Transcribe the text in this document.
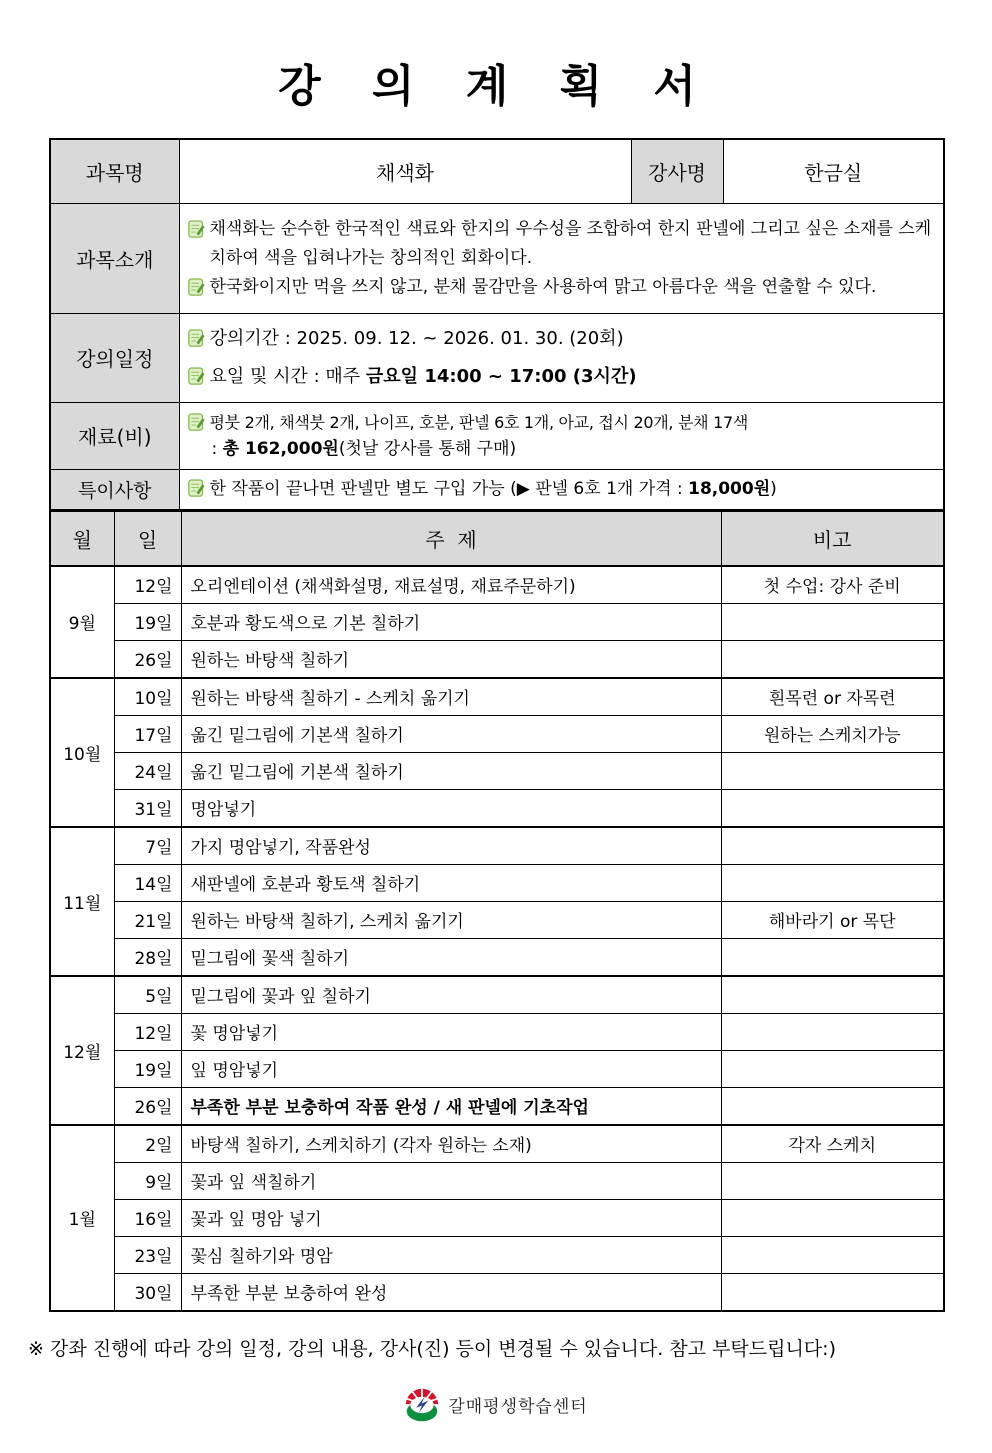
강 의 계 획 서
과목명	채색화	강사명	한금실
과목소개	채색화는 순수한 한국적인 색료와 한지의 우수성을 조합하여 한지 판넬에 그리고 싶은 소재를 스케치하여 색을 입혀나가는 창의적인 회화이다.
한국화이지만 먹을 쓰지 않고, 분채 물감만을 사용하여 맑고 아름다운 색을 연출할 수 있다.		

강의일정	강의기간 : 2025. 09. 12. ~ 2026. 01. 30. (20회)
요일 및 시간 : 매주 금요일 14:00 ~ 17:00 (3시간)		

재료(비)	평붓 2개, 채색붓 2개, 나이프, 호분, 판넬 6호 1개, 아교, 접시 20개, 분채 17색
: 총 162,000원(첫날 강사를 통해 구매)		

특이사항	한 작품이 끝나면 판넬만 별도 구입 가능 (▶ 판넬 6호 1개 가격 : 18,000원)		
월	일	주  제	비고
9월	12일	오리엔테이션 (채색화설명, 재료설명, 재료주문하기)	첫 수업: 강사 준비
	19일	호분과 황도색으로 기본 칠하기	
	26일	원하는 바탕색 칠하기	
10월	10일	원하는 바탕색 칠하기 - 스케치 옮기기	흰목련 or 자목련
	17일	옮긴 밑그림에 기본색 칠하기	원하는 스케치가능
	24일	옮긴 밑그림에 기본색 칠하기	
	31일	명암넣기	
11월	7일	가지 명암넣기, 작품완성	
	14일	새판넬에 호분과 황토색 칠하기	
	21일	원하는 바탕색 칠하기, 스케치 옮기기	해바라기 or 목단
	28일	밑그림에 꽃색 칠하기	
12월	5일	밑그림에 꽃과 잎 칠하기	
	12일	꽃 명암넣기	
	19일	잎 명암넣기	
	26일	부족한 부분 보충하여 작품 완성 / 새 판넬에 기초작업	
1월	2일	바탕색 칠하기, 스케치하기 (각자 원하는 소재)	각자 스케치
	9일	꽃과 잎 색칠하기	
	16일	꽃과 잎 명암 넣기	
	23일	꽃심 칠하기와 명암	
	30일	부족한 부분 보충하여 완성	
※ 강좌 진행에 따라 강의 일정, 강의 내용, 강사(진) 등이 변경될 수 있습니다. 참고 부탁드립니다:)
갈매평생학습센터
